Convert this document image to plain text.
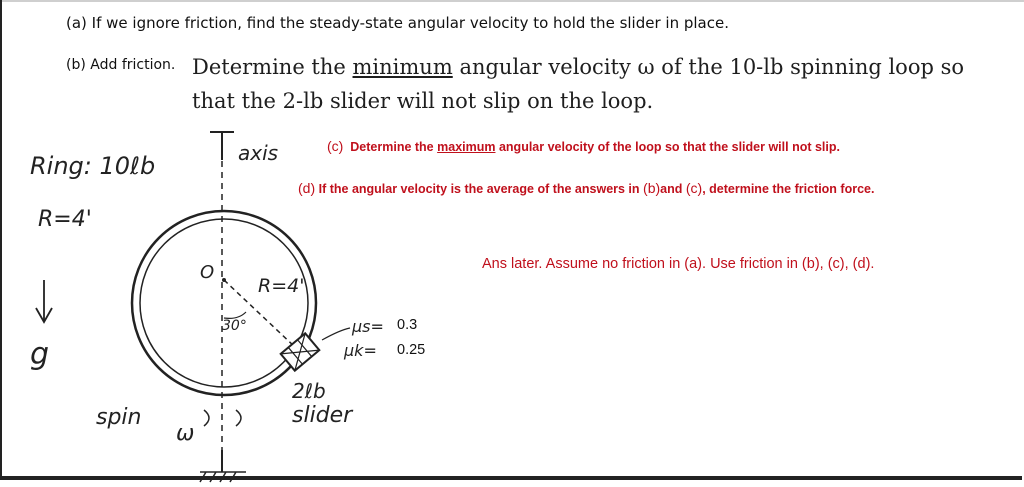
(a) If we ignore friction, find the steady-state angular velocity to hold the slider in place.
(b) Add friction. Determine the minimum angular velocity ω of the 10-lb spinning loop so that the 2-lb slider will not slip on the loop.
(c) Determine the maximum angular velocity of the loop so that the slider will not slip.
(d) If the angular velocity is the average of the answers in (b)and (c), determine the friction force.
Ans later. Assume no friction in (a). Use friction in (b), (c), (d).
0.3
0.25
Ring: 10ℓb
R=4'
axis
O
R=4'
30°	μs=
μk=
2ℓb
slider
g
spin
ω
